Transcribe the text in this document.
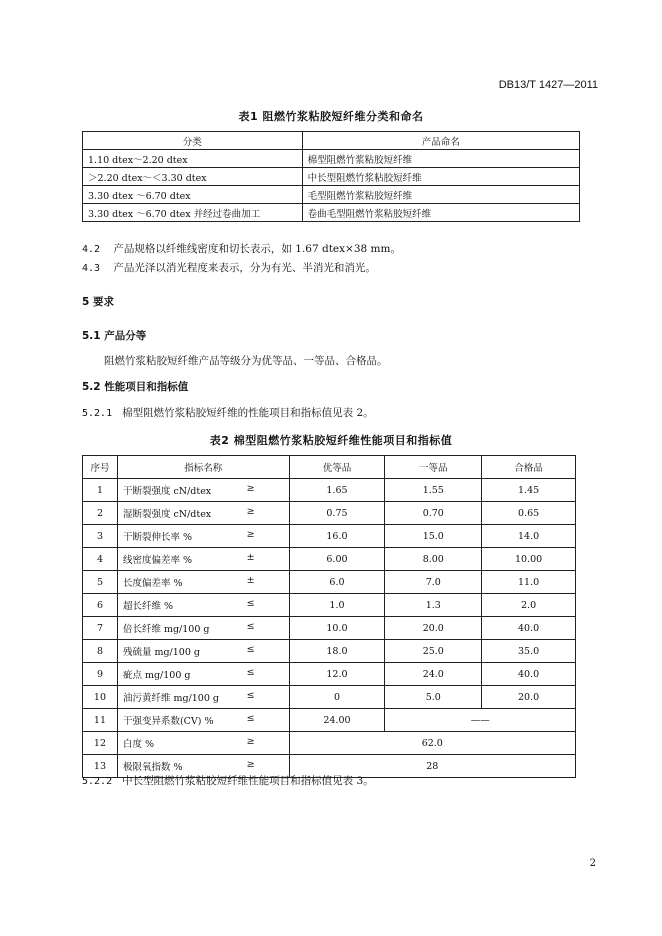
DB13/T 1427—2011
表1 阻燃竹浆粘胶短纤维分类和命名
分类	产品命名
1.10 dtex～2.20 dtex	棉型阻燃竹浆粘胶短纤维
＞2.20 dtex～＜3.30 dtex	中长型阻燃竹浆粘胶短纤维
3.30 dtex ～6.70 dtex	毛型阻燃竹浆粘胶短纤维
3.30 dtex ～6.70 dtex 并经过卷曲加工	卷曲毛型阻燃竹浆粘胶短纤维
4.2 产品规格以纤维线密度和切长表示，如 1.67 dtex×38 mm。
4.3 产品光泽以消光程度来表示，分为有光、半消光和消光。
5 要求
5.1 产品分等
阻燃竹浆粘胶短纤维产品等级分为优等品、一等品、合格品。
5.2 性能项目和指标值
5.2.1 棉型阻燃竹浆粘胶短纤维的性能项目和指标值见表 2。
表2 棉型阻燃竹浆粘胶短纤维性能项目和指标值
序号	指标名称	优等品	一等品	合格品
1	干断裂强度 cN/dtex ≥	1.65	1.55	1.45
2	湿断裂强度 cN/dtex ≥	0.75	0.70	0.65
3	干断裂伸长率 % ≥	16.0	15.0	14.0
4	线密度偏差率 % ±	6.00	8.00	10.00
5	长度偏差率 % ±	6.0	7.0	11.0
6	超长纤维 % ≤	1.0	1.3	2.0
7	倍长纤维 mg/100 g ≤	10.0	20.0	40.0
8	残硫量 mg/100 g ≤	18.0	25.0	35.0
9	疵点 mg/100 g ≤	12.0	24.0	40.0
10	油污黄纤维 mg/100 g ≤	0	5.0	20.0
11	干强变异系数(CV) % ≤	24.00	——	
12	白度 % ≥	62.0		
13	极限氧指数 % ≥	28		
5.2.2 中长型阻燃竹浆粘胶短纤维性能项目和指标值见表 3。
2
